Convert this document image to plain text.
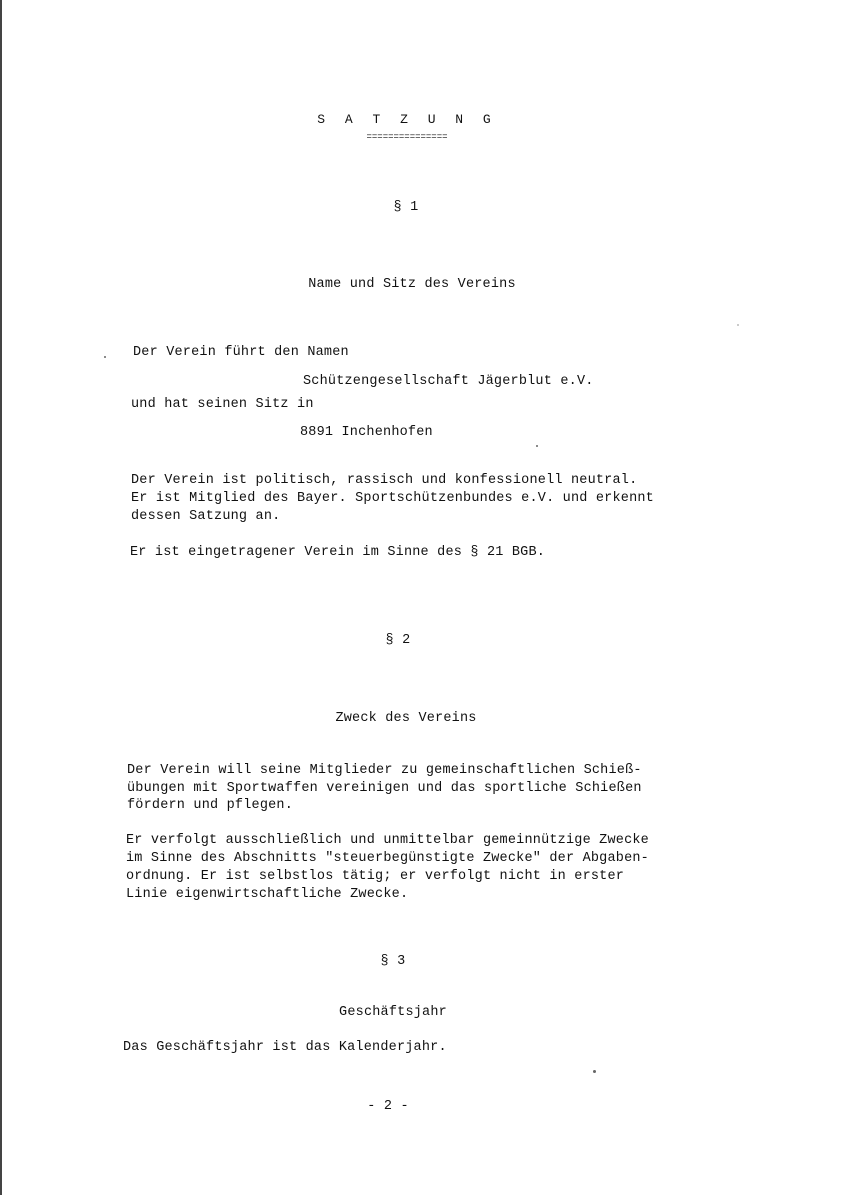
S A T Z U N G
===============
§ 1
Name und Sitz des Vereins
Der Verein führt den Namen
Schützengesellschaft Jägerblut e.V.
und hat seinen Sitz in
8891 Inchenhofen
Der Verein ist politisch, rassisch und konfessionell neutral.
Er ist Mitglied des Bayer. Sportschützenbundes e.V. und erkennt
dessen Satzung an.
Er ist eingetragener Verein im Sinne des § 21 BGB.
§ 2
Zweck des Vereins
Der Verein will seine Mitglieder zu gemeinschaftlichen Schieß-
übungen mit Sportwaffen vereinigen und das sportliche Schießen
fördern und pflegen.
Er verfolgt ausschließlich und unmittelbar gemeinnützige Zwecke
im Sinne des Abschnitts "steuerbegünstigte Zwecke" der Abgaben-
ordnung. Er ist selbstlos tätig; er verfolgt nicht in erster
Linie eigenwirtschaftliche Zwecke.
§ 3
Geschäftsjahr
Das Geschäftsjahr ist das Kalenderjahr.
- 2 -
